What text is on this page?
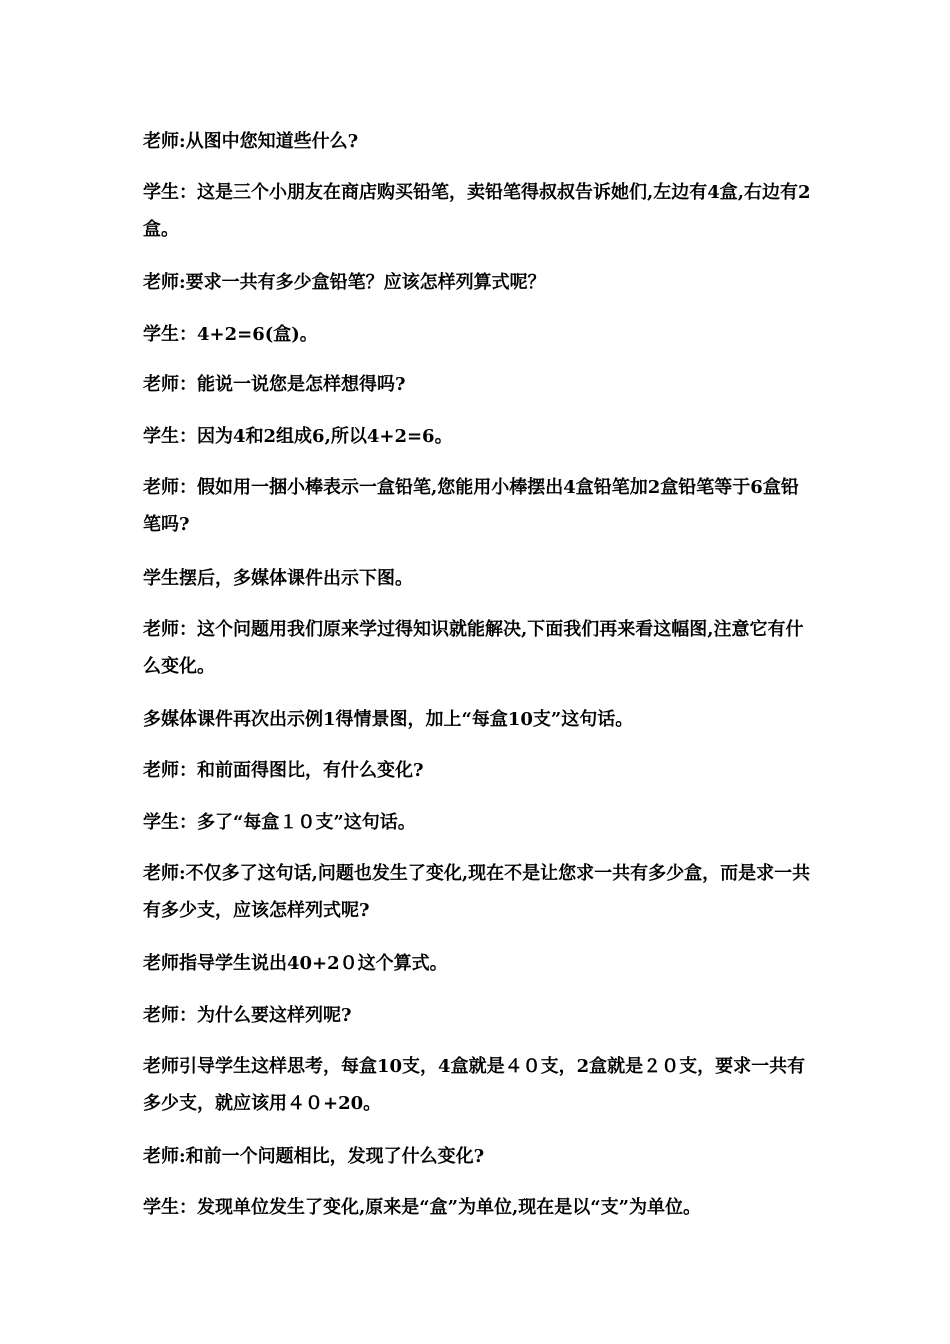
老师:从图中您知道些什么?

学生：这是三个小朋友在商店购买铅笔，卖铅笔得叔叔告诉她们,左边有4盒,右边有2盒。

老师:要求一共有多少盒铅笔？应该怎样列算式呢？

学生：4+2=6(盒)。

老师：能说一说您是怎样想得吗?

学生：因为4和2组成6,所以4+2=6。

老师：假如用一捆小棒表示一盒铅笔,您能用小棒摆出4盒铅笔加2盒铅笔等于6盒铅笔吗?

学生摆后，多媒体课件出示下图。

老师：这个问题用我们原来学过得知识就能解决,下面我们再来看这幅图,注意它有什么变化。

多媒体课件再次出示例1得情景图，加上“每盒10支”这句话。

老师：和前面得图比，有什么变化?

学生：多了“每盒１０支”这句话。

老师:不仅多了这句话,问题也发生了变化,现在不是让您求一共有多少盒，而是求一共有多少支，应该怎样列式呢?

老师指导学生说出40+2０这个算式。

老师：为什么要这样列呢?

老师引导学生这样思考，每盒10支，4盒就是４０支，2盒就是２０支，要求一共有多少支，就应该用４０+20。

老师:和前一个问题相比，发现了什么变化?

学生：发现单位发生了变化,原来是“盒”为单位,现在是以“支”为单位。
